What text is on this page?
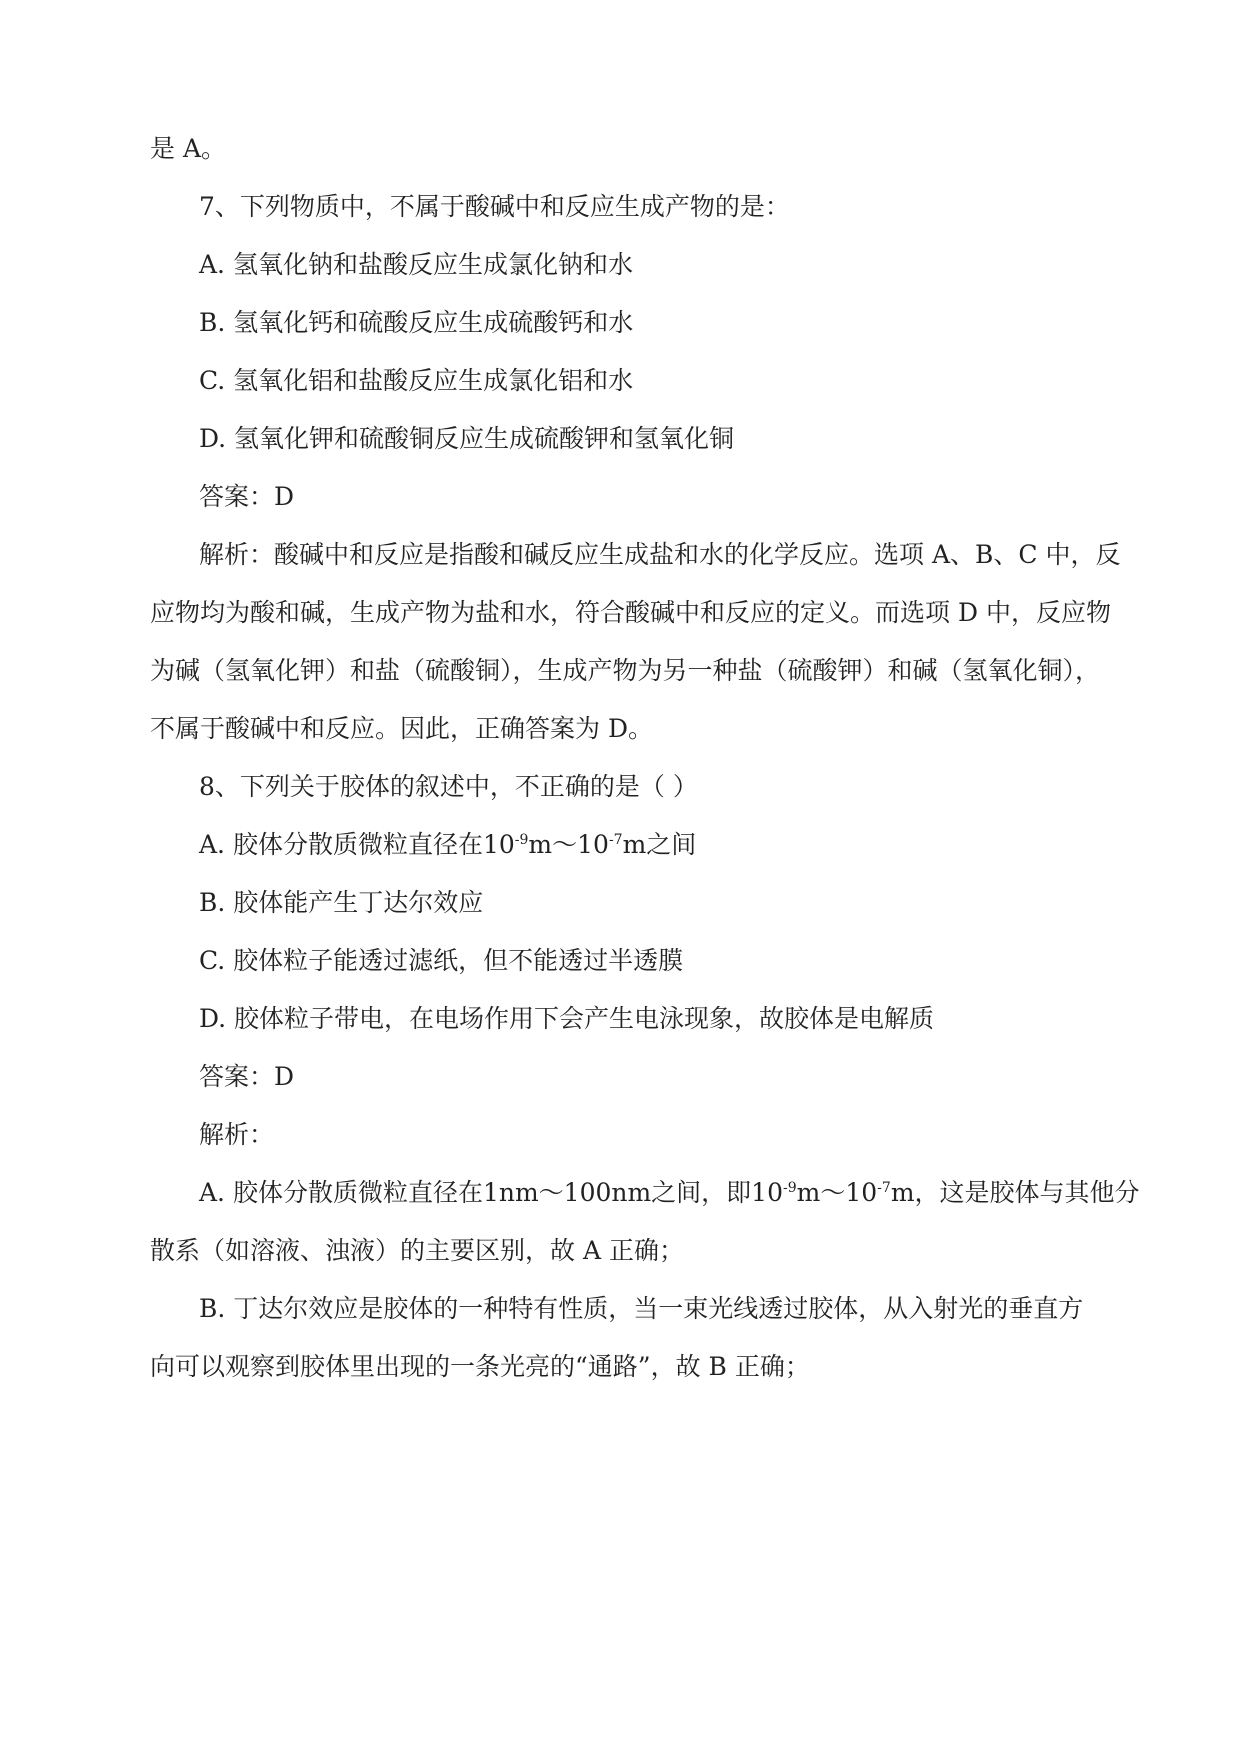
是 A。
7、下列物质中，不属于酸碱中和反应生成产物的是：
A. 氢氧化钠和盐酸反应生成氯化钠和水
B. 氢氧化钙和硫酸反应生成硫酸钙和水
C. 氢氧化铝和盐酸反应生成氯化铝和水
D. 氢氧化钾和硫酸铜反应生成硫酸钾和氢氧化铜
答案：D
解析：酸碱中和反应是指酸和碱反应生成盐和水的化学反应。选项 A、B、C 中，反
应物均为酸和碱，生成产物为盐和水，符合酸碱中和反应的定义。而选项 D 中，反应物
为碱（氢氧化钾）和盐（硫酸铜），生成产物为另一种盐（硫酸钾）和碱（氢氧化铜），
不属于酸碱中和反应。因此，正确答案为 D。
8、下列关于胶体的叙述中，不正确的是（ ）
A. 胶体分散质微粒直径在$10^{-9}m\sim 10^{-7}m$之间
B. 胶体能产生丁达尔效应
C. 胶体粒子能透过滤纸，但不能透过半透膜
D. 胶体粒子带电，在电场作用下会产生电泳现象，故胶体是电解质
答案：D
解析：
A. 胶体分散质微粒直径在1nm～100nm之间，即$10^{-9}m\sim 10^{-7}m$，这是胶体与其他分
散系（如溶液、浊液）的主要区别，故 A 正确；
B. 丁达尔效应是胶体的一种特有性质，当一束光线透过胶体，从入射光的垂直方
向可以观察到胶体里出现的一条光亮的“通路”，故 B 正确；
